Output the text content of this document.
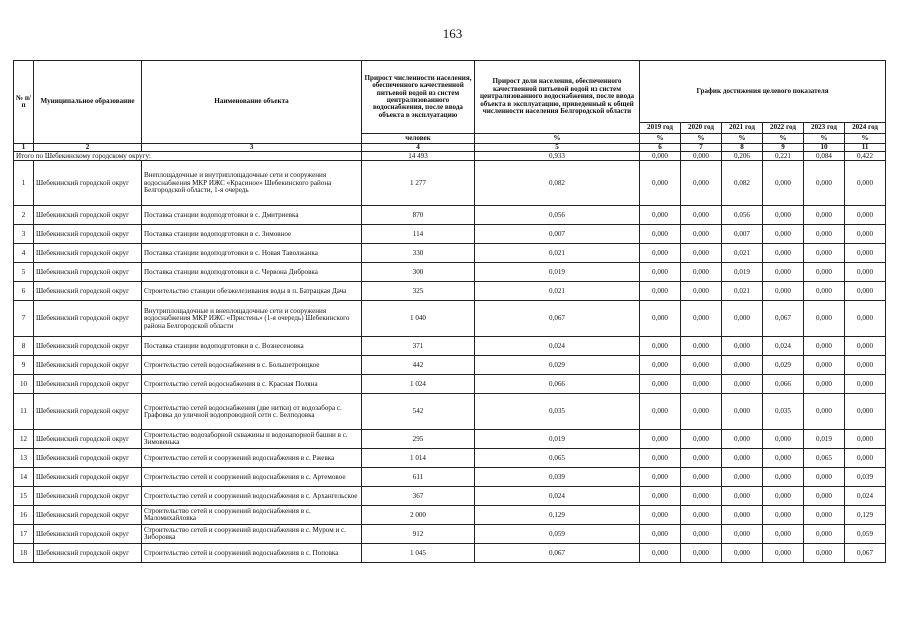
163
№ п/п	Муниципальное образование	Наименование объекта	Прирост численности населения, обеспеченного качественной питьевой водой из систем централизованного водоснабжения, после ввода объекта в эксплуатацию	Прирост доли населения, обеспеченного качественной питьевой водой из систем централизованного водоснабжения, после ввода объекта в эксплуатацию, приведенный к общей численности населения Белгородской области	График достижения целевого показателя					
					2019 год	2020 год	2021 год	2022 год	2023 год	2024 год
			человек	%	%	%	%	%	%	%
1	2	3	4	5	6	7	8	9	10	11
Итого по Шебекинскому городскому округу:			14 493	0,933	0,000	0,000	0,206	0,221	0,084	0,422
1	Шебекинский городской округ	Внеплощадочные и внутриплощадочные сети и сооружения водоснабжения МКР ИЖС «Красиное» Шебекинского района Белгородской области, 1-я очередь	1 277	0,082	0,000	0,000	0,082	0,000	0,000	0,000
2	Шебекинский городской округ	Поставка станции водоподготовки в с. Дмитриевка	870	0,056	0,000	0,000	0,056	0,000	0,000	0,000
3	Шебекинский городской округ	Поставка станции водоподготовки в с. Зимовное	114	0,007	0,000	0,000	0,007	0,000	0,000	0,000
4	Шебекинский городской округ	Поставка станции водоподготовки в с. Новая Таволжанка	330	0,021	0,000	0,000	0,021	0,000	0,000	0,000
5	Шебекинский городской округ	Поставка станции водоподготовки в с. Червона Дибровка	300	0,019	0,000	0,000	0,019	0,000	0,000	0,000
6	Шебекинский городской округ	Строительство станции обезжелезивания воды в п. Батрацкая Дача	325	0,021	0,000	0,000	0,021	0,000	0,000	0,000
7	Шебекинский городской округ	Внутриплощадочные и внеплощадочные сети и сооружения водоснабжения МКР ИЖС «Пристень» (1-я очередь) Шебекинского района Белгородской области	1 040	0,067	0,000	0,000	0,000	0,067	0,000	0,000
8	Шебекинский городской округ	Поставка станции водоподготовки в с. Вознесеновка	371	0,024	0,000	0,000	0,000	0,024	0,000	0,000
9	Шебекинский городской округ	Строительство сетей водоснабжения в с. Большетроицкое	442	0,029	0,000	0,000	0,000	0,029	0,000	0,000
10	Шебекинский городской округ	Строительство сетей водоснабжения в с. Красная Поляна	1 024	0,066	0,000	0,000	0,000	0,066	0,000	0,000
11	Шебекинский городской округ	Строительство сетей водоснабжения (две нитки) от водозабора с. Графовка до уличной водопроводной сети с. Белподовка	542	0,035	0,000	0,000	0,000	0,035	0,000	0,000
12	Шебекинский городской округ	Строительство водозаборной скважины и водонапорной башни в с. Зимовенька	295	0,019	0,000	0,000	0,000	0,000	0,019	0,000
13	Шебекинский городской округ	Строительство сетей и сооружений водоснабжения в с. Ржевка	1 014	0,065	0,000	0,000	0,000	0,000	0,065	0,000
14	Шебекинский городской округ	Строительство сетей и сооружений водоснабжения в с. Артемовое	611	0,039	0,000	0,000	0,000	0,000	0,000	0,039
15	Шебекинский городской округ	Строительство сетей и сооружений водоснабжения в с. Архангельское	367	0,024	0,000	0,000	0,000	0,000	0,000	0,024
16	Шебекинский городской округ	Строительство сетей и сооружений водоснабжения в с. Маломихайловка	2 000	0,129	0,000	0,000	0,000	0,000	0,000	0,129
17	Шебекинский городской округ	Строительство сетей и сооружений водоснабжения в с. Муром и с. Зиборовка	912	0,059	0,000	0,000	0,000	0,000	0,000	0,059
18	Шебекинский городской округ	Строительство сетей и сооружений водоснабжения в с. Поповка	1 045	0,067	0,000	0,000	0,000	0,000	0,000	0,067
